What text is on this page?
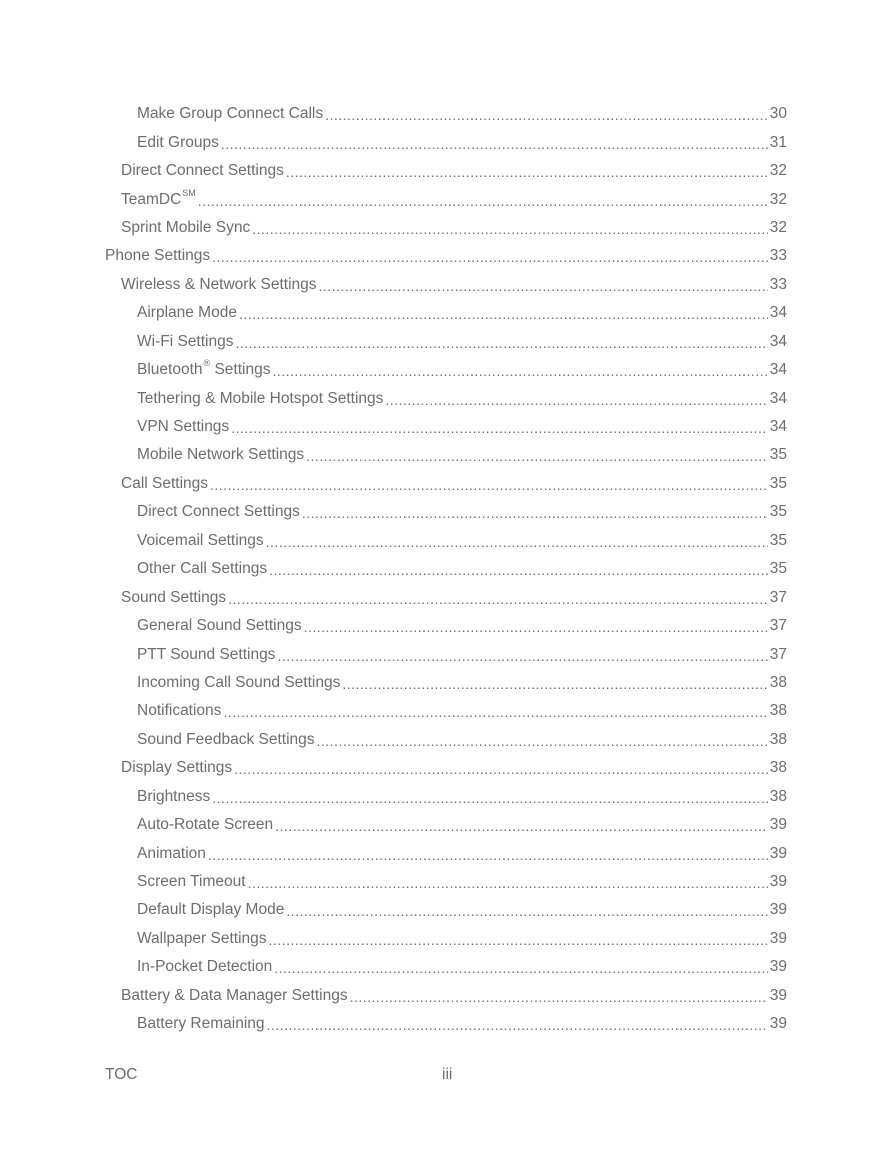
Make Group Connect Calls .....	30
Edit Groups .....	31
Direct Connect Settings .....	32
TeamDC℠ .....	32
Sprint Mobile Sync .....	32
Phone Settings .....	33
Wireless & Network Settings .....	33
Airplane Mode .....	34
Wi-Fi Settings .....	34
Bluetooth® Settings .....	34
Tethering & Mobile Hotspot Settings .....	34
VPN Settings .....	34
Mobile Network Settings .....	35
Call Settings .....	35
Direct Connect Settings .....	35
Voicemail Settings .....	35
Other Call Settings .....	35
Sound Settings .....	37
General Sound Settings .....	37
PTT Sound Settings .....	37
Incoming Call Sound Settings .....	38
Notifications .....	38
Sound Feedback Settings .....	38
Display Settings .....	38
Brightness .....	38
Auto-Rotate Screen .....	39
Animation .....	39
Screen Timeout .....	39
Default Display Mode .....	39
Wallpaper Settings .....	39
In-Pocket Detection .....	39
Battery & Data Manager Settings .....	39
Battery Remaining .....	39
TOC	iii
